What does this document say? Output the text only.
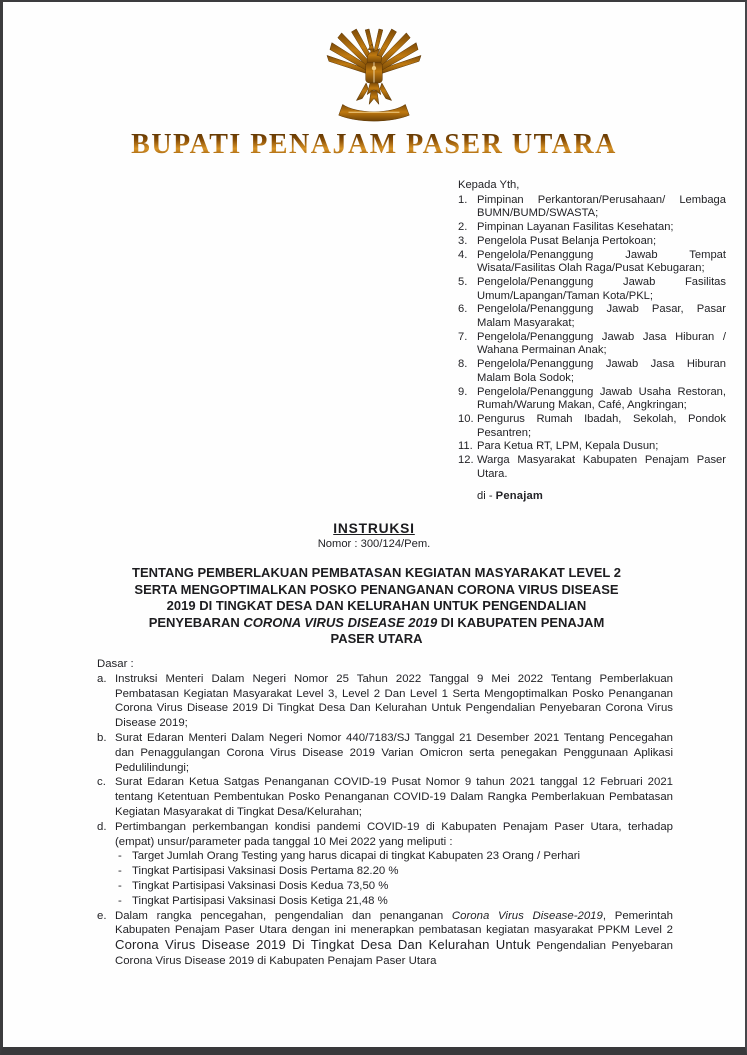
BUPATI PENAJAM PASER UTARA
Kepada Yth,
1. Pimpinan Perkantoran/Perusahaan/ Lembaga BUMN/BUMD/SWASTA;
2. Pimpinan Layanan Fasilitas Kesehatan;
3. Pengelola Pusat Belanja Pertokoan;
4. Pengelola/Penanggung Jawab Tempat Wisata/Fasilitas Olah Raga/Pusat Kebugaran;
5. Pengelola/Penanggung Jawab Fasilitas Umum/Lapangan/Taman Kota/PKL;
6. Pengelola/Penanggung Jawab Pasar, Pasar Malam Masyarakat;
7. Pengelola/Penanggung Jawab Jasa Hiburan / Wahana Permainan Anak;
8. Pengelola/Penanggung Jawab Jasa Hiburan Malam Bola Sodok;
9. Pengelola/Penanggung Jawab Usaha Restoran, Rumah/Warung Makan, Café, Angkringan;
10. Pengurus Rumah Ibadah, Sekolah, Pondok Pesantren;
11. Para Ketua RT, LPM, Kepala Dusun;
12. Warga Masyarakat Kabupaten Penajam Paser Utara.
di - Penajam
INSTRUKSI
Nomor : 300/124/Pem.
TENTANG PEMBERLAKUAN PEMBATASAN KEGIATAN MASYARAKAT LEVEL 2
SERTA MENGOPTIMALKAN POSKO PENANGANAN CORONA VIRUS DISEASE
2019 DI TINGKAT DESA DAN KELURAHAN UNTUK PENGENDALIAN
PENYEBARAN CORONA VIRUS DISEASE 2019 DI KABUPATEN PENAJAM
PASER UTARA
Dasar :
a. Instruksi Menteri Dalam Negeri Nomor 25 Tahun 2022 Tanggal 9 Mei 2022 Tentang Pemberlakuan Pembatasan Kegiatan Masyarakat Level 3, Level 2 Dan Level 1 Serta Mengoptimalkan Posko Penanganan Corona Virus Disease 2019 Di Tingkat Desa Dan Kelurahan Untuk Pengendalian Penyebaran Corona Virus Disease 2019;
b. Surat Edaran Menteri Dalam Negeri Nomor 440/7183/SJ Tanggal 21 Desember 2021 Tentang Pencegahan dan Penaggulangan Corona Virus Disease 2019 Varian Omicron serta penegakan Penggunaan Aplikasi Pedulilindungi;
c. Surat Edaran Ketua Satgas Penanganan COVID-19 Pusat Nomor 9 tahun 2021 tanggal 12 Februari 2021 tentang Ketentuan Pembentukan Posko Penanganan COVID-19 Dalam Rangka Pemberlakuan Pembatasan Kegiatan Masyarakat di Tingkat Desa/Kelurahan;
d. Pertimbangan perkembangan kondisi pandemi COVID-19 di Kabupaten Penajam Paser Utara, terhadap (empat) unsur/parameter pada tanggal 10 Mei 2022 yang meliputi :
- Target Jumlah Orang Testing yang harus dicapai di tingkat Kabupaten 23 Orang / Perhari
- Tingkat Partisipasi Vaksinasi Dosis Pertama 82.20 %
- Tingkat Partisipasi Vaksinasi Dosis Kedua 73,50 %
- Tingkat Partisipasi Vaksinasi Dosis Ketiga 21,48 %
e. Dalam rangka pencegahan, pengendalian dan penanganan Corona Virus Disease-2019, Pemerintah Kabupaten Penajam Paser Utara dengan ini menerapkan pembatasan kegiatan masyarakat PPKM Level 2 Corona Virus Disease 2019 Di Tingkat Desa Dan Kelurahan Untuk Pengendalian Penyebaran Corona Virus Disease 2019 di Kabupaten Penajam Paser Utara
